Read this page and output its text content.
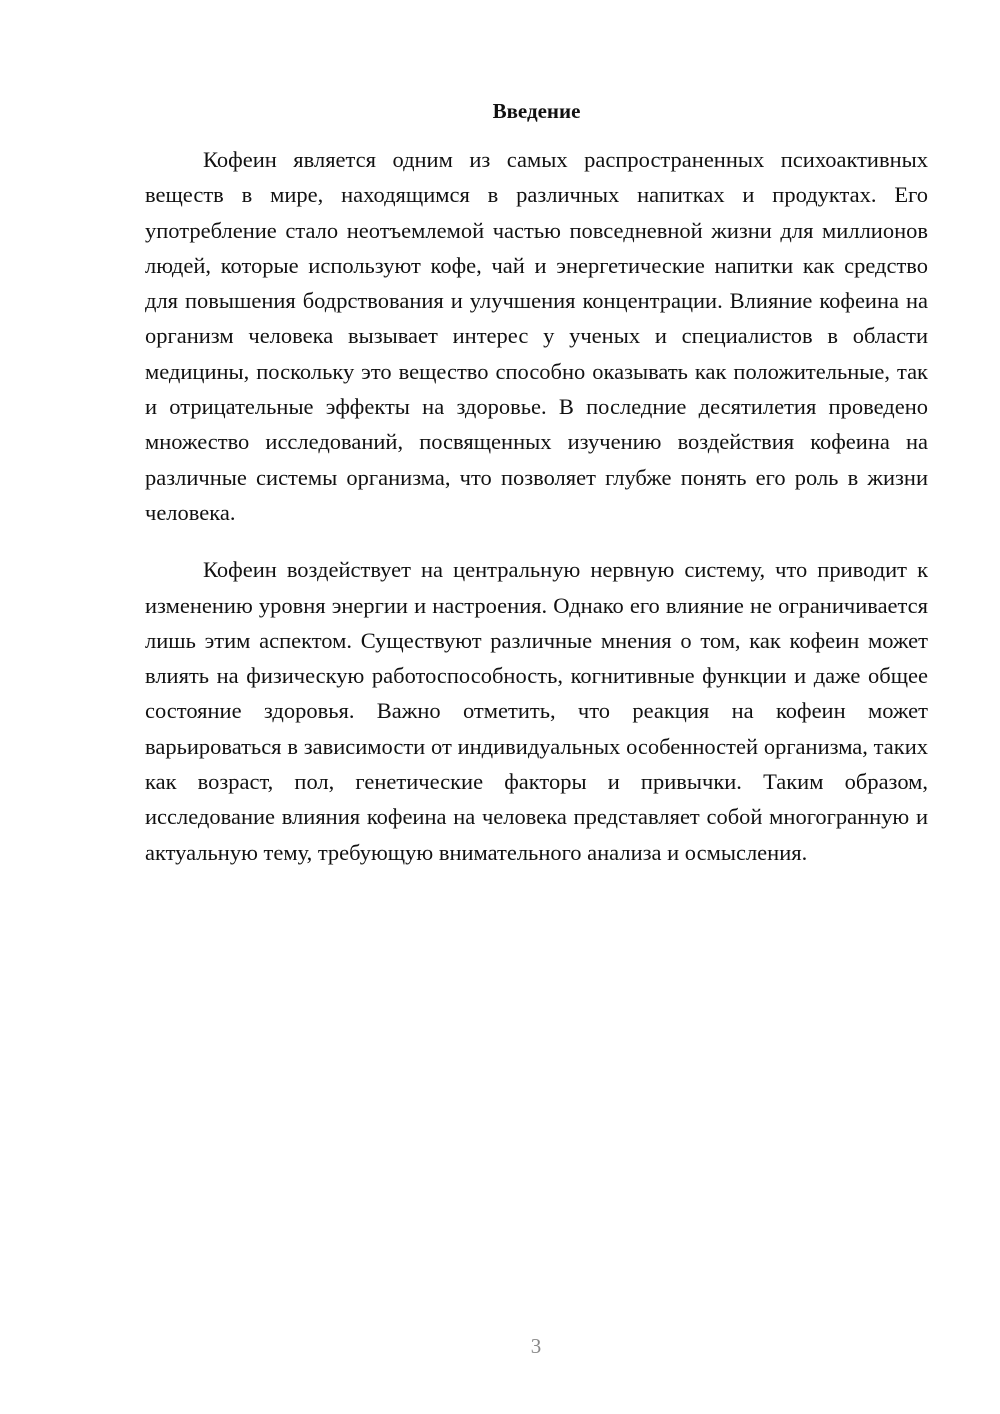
Введение

Кофеин является одним из самых распространенных психоактивных веществ в мире, находящимся в различных напитках и продуктах. Его употребление стало неотъемлемой частью повседневной жизни для миллионов людей, которые используют кофе, чай и энергетические напитки как средство для повышения бодрствования и улучшения концентрации. Влияние кофеина на организм человека вызывает интерес у ученых и специалистов в области медицины, поскольку это вещество способно оказывать как положительные, так и отрицательные эффекты на здоровье. В последние десятилетия проведено множество исследований, посвященных изучению воздействия кофеина на различные системы организма, что позволяет глубже понять его роль в жизни человека.

Кофеин воздействует на центральную нервную систему, что приводит к изменению уровня энергии и настроения. Однако его влияние не ограничивается лишь этим аспектом. Существуют различные мнения о том, как кофеин может влиять на физическую работоспособность, когнитивные функции и даже общее состояние здоровья. Важно отметить, что реакция на кофеин может варьироваться в зависимости от индивидуальных особенностей организма, таких как возраст, пол, генетические факторы и привычки. Таким образом, исследование влияния кофеина на человека представляет собой многогранную и актуальную тему, требующую внимательного анализа и осмысления.

3
